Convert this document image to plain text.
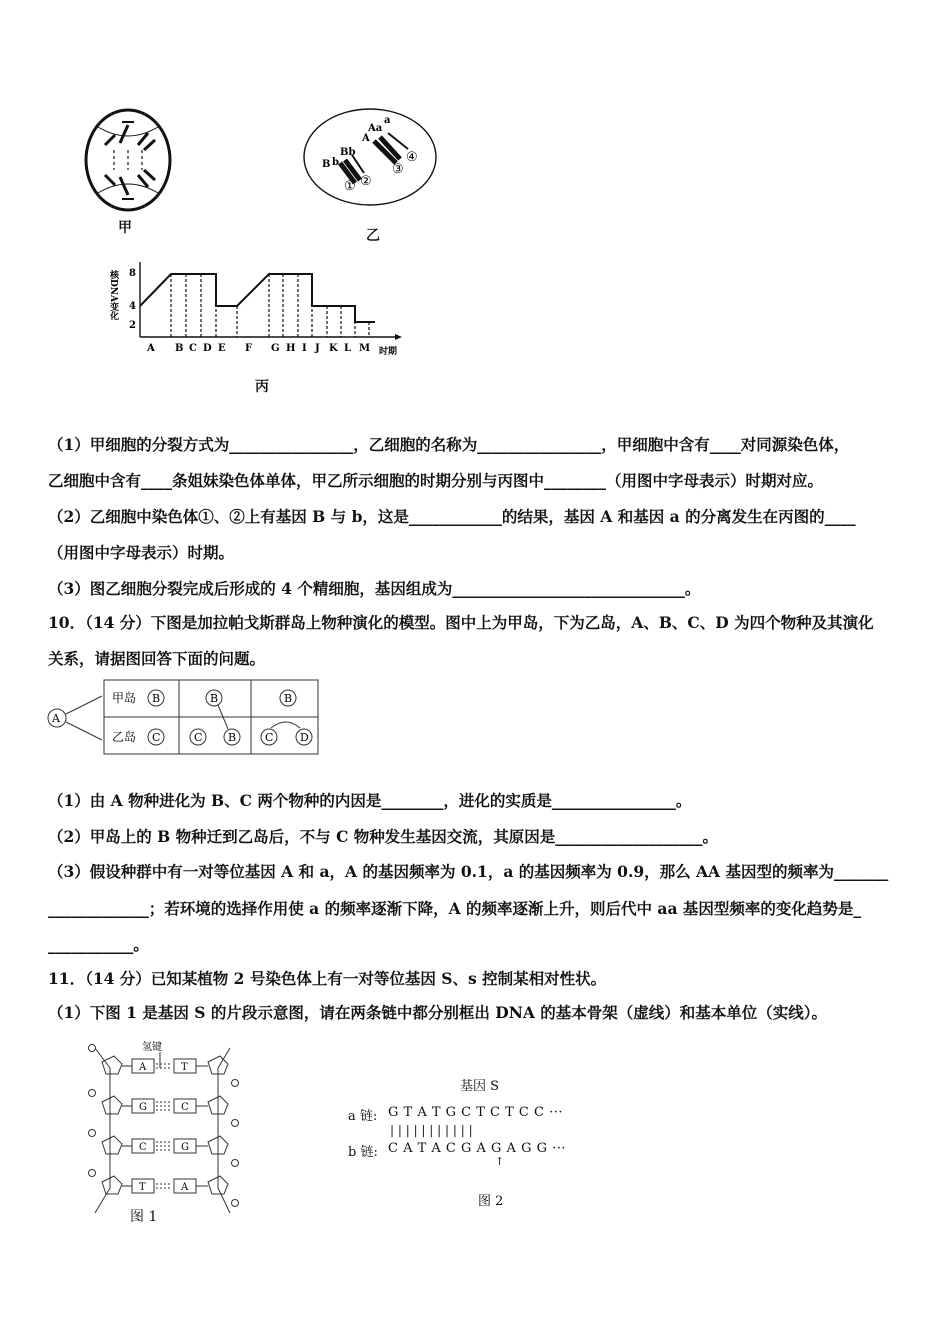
甲
B b
Bb
A
Aa
a
① ②
③
④
乙
核DNA变化 8
4
2
A B C D E F G H I J K L M 时期
丙
（1）甲细胞的分裂方式为________________，乙细胞的名称为________________，甲细胞中含有____对同源染色体，
乙细胞中含有____条姐妹染色体单体，甲乙所示细胞的时期分别与丙图中________（用图中字母表示）时期对应。
（2）乙细胞中染色体①、②上有基因 B 与 b，这是____________的结果，基因 A 和基因 a 的分离发生在丙图的____
（用图中字母表示）时期。
（3）图乙细胞分裂完成后形成的 4 个精细胞，基因组成为______________________________。
10．（14 分）下图是加拉帕戈斯群岛上物种演化的模型。图中上为甲岛，下为乙岛，A、B、C、D 为四个物种及其演化
关系，请据图回答下面的问题。
A
甲岛
乙岛
B	B	B
C	C B	C D
（1）由 A 物种进化为 B、C 两个物种的内因是________，进化的实质是________________。
（2）甲岛上的 B 物种迁到乙岛后，不与 C 物种发生基因交流，其原因是___________________。
（3）假设种群中有一对等位基因 A 和 a，A 的基因频率为 0.1，a 的基因频率为 0.9，那么 AA 基因型的频率为_______
_____________；若环境的选择作用使 a 的频率逐渐下降，A 的频率逐渐上升，则后代中 aa 基因型频率的变化趋势是_
___________。
11．（14 分）已知某植物 2 号染色体上有一对等位基因 S、s 控制某相对性状。
（1）下图 1 是基因 S 的片段示意图，请在两条链中都分别框出 DNA 的基本骨架（虚线）和基本单位（实线）。
氢键
A	T
G	C
C	G
T	A
图 1
基因 S
a 链: G T A T G C T C T C C ···
| | | | | | | | | | |
b 链: C A T A C G A G A G G ···
↑
图 2
